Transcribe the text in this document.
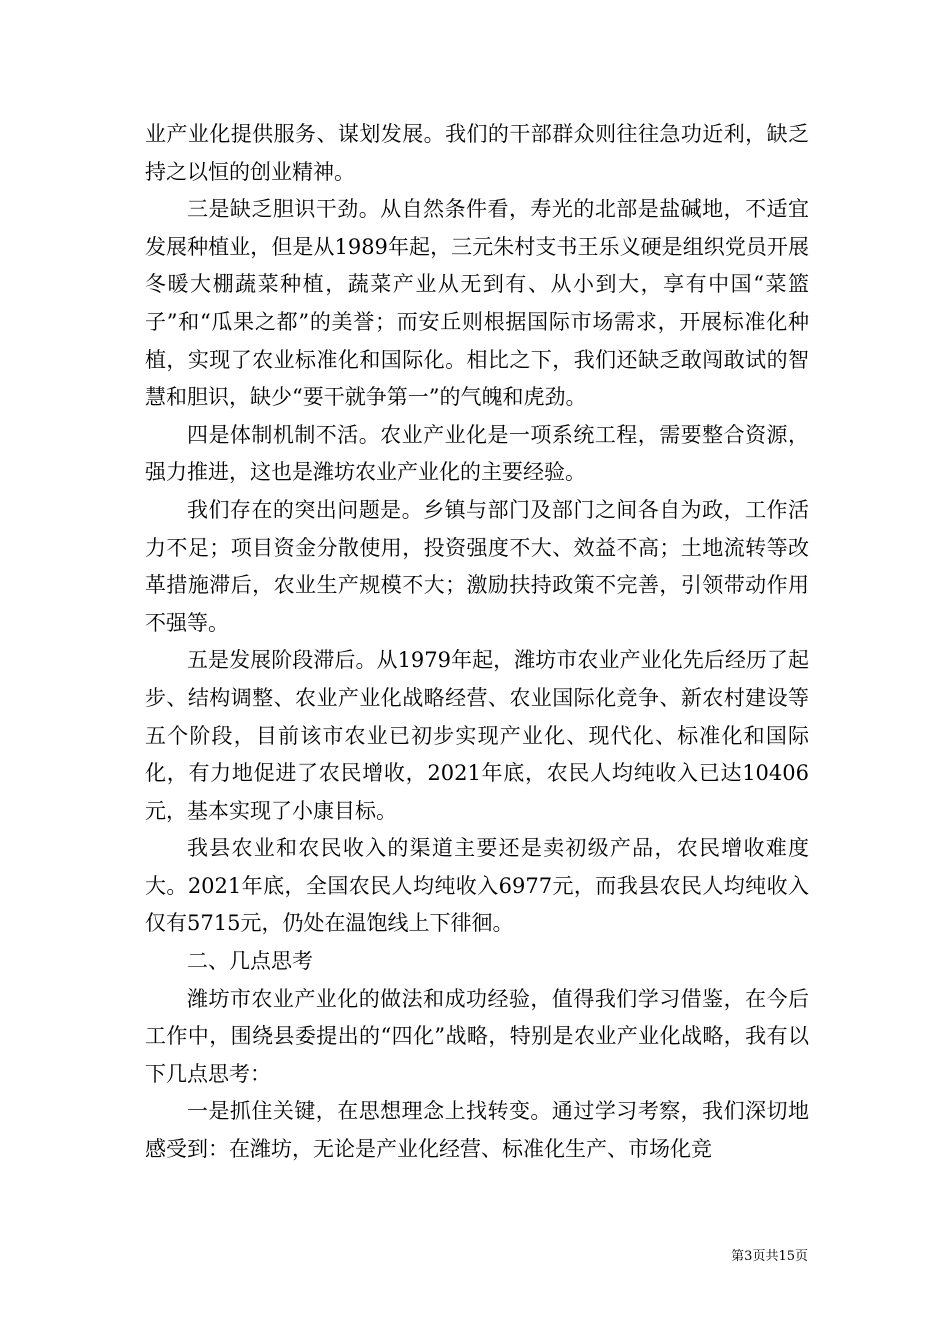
业产业化提供服务、谋划发展。我们的干部群众则往往急功近利，缺乏持之以恒的创业精神。

三是缺乏胆识干劲。从自然条件看，寿光的北部是盐碱地，不适宜发展种植业，但是从1989年起，三元朱村支书王乐义硬是组织党员开展冬暖大棚蔬菜种植，蔬菜产业从无到有、从小到大，享有中国“菜篮子”和“瓜果之都”的美誉；而安丘则根据国际市场需求，开展标准化种植，实现了农业标准化和国际化。相比之下，我们还缺乏敢闯敢试的智慧和胆识，缺少“要干就争第一”的气魄和虎劲。

四是体制机制不活。农业产业化是一项系统工程，需要整合资源，强力推进，这也是潍坊农业产业化的主要经验。

我们存在的突出问题是。乡镇与部门及部门之间各自为政，工作活力不足；项目资金分散使用，投资强度不大、效益不高；土地流转等改革措施滞后，农业生产规模不大；激励扶持政策不完善，引领带动作用不强等。

五是发展阶段滞后。从1979年起，潍坊市农业产业化先后经历了起步、结构调整、农业产业化战略经营、农业国际化竞争、新农村建设等五个阶段，目前该市农业已初步实现产业化、现代化、标准化和国际化，有力地促进了农民增收，2021年底，农民人均纯收入已达10406元，基本实现了小康目标。

我县农业和农民收入的渠道主要还是卖初级产品，农民增收难度大。2021年底，全国农民人均纯收入6977元，而我县农民人均纯收入仅有5715元，仍处在温饱线上下徘徊。

二、几点思考

潍坊市农业产业化的做法和成功经验，值得我们学习借鉴，在今后工作中，围绕县委提出的“四化”战略，特别是农业产业化战略，我有以下几点思考：

一是抓住关键，在思想理念上找转变。通过学习考察，我们深切地感受到：在潍坊，无论是产业化经营、标准化生产、市场化竞

第3页共15页
